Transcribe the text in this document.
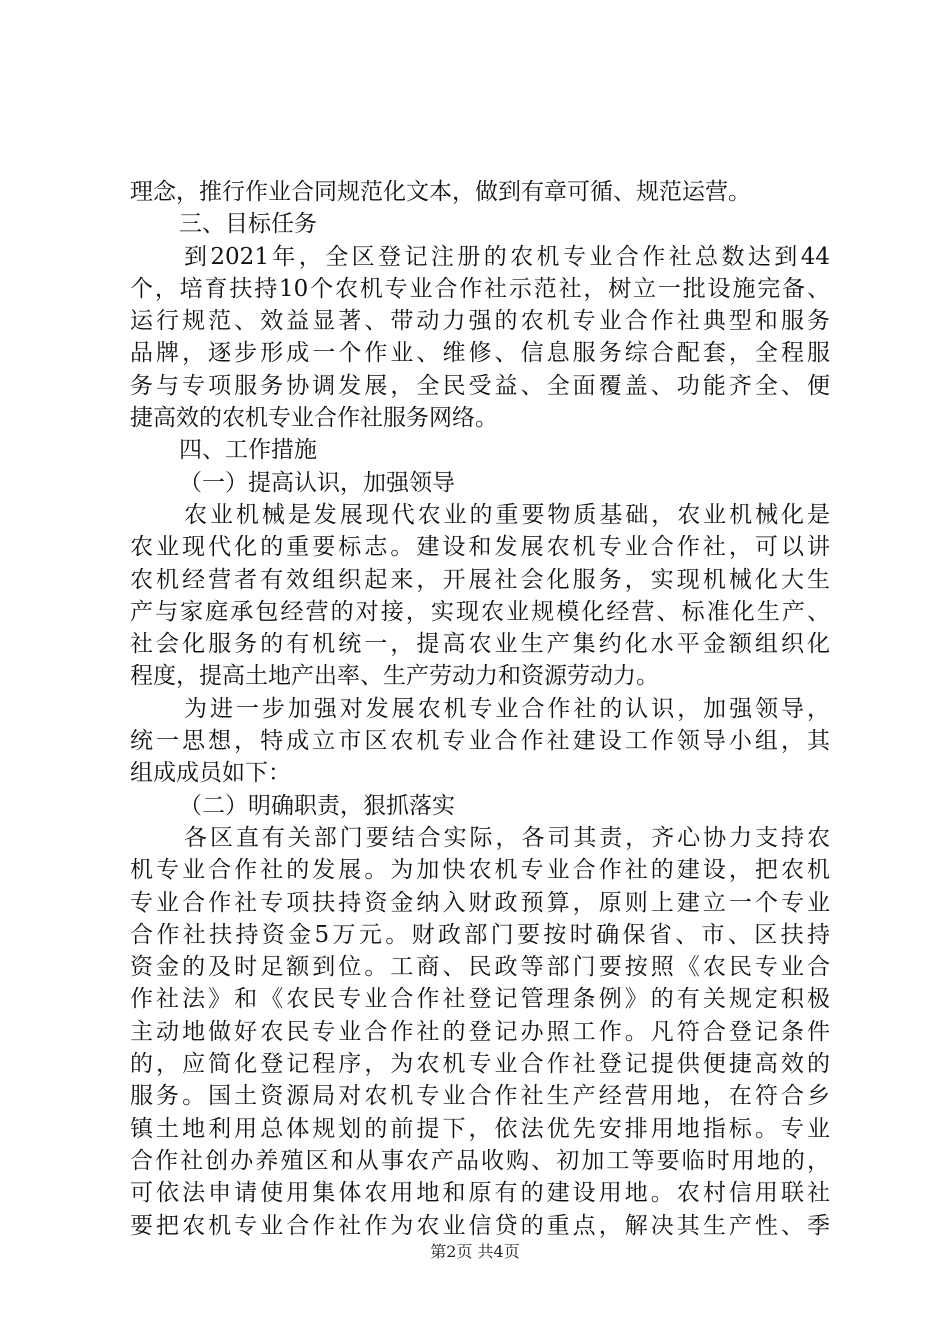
理念，推行作业合同规范化文本，做到有章可循、规范运营。
三、目标任务
到2021年，全区登记注册的农机专业合作社总数达到44
个，培育扶持10个农机专业合作社示范社，树立一批设施完备、
运行规范、效益显著、带动力强的农机专业合作社典型和服务
品牌，逐步形成一个作业、维修、信息服务综合配套，全程服
务与专项服务协调发展，全民受益、全面覆盖、功能齐全、便
捷高效的农机专业合作社服务网络。
四、工作措施
（一）提高认识，加强领导
农业机械是发展现代农业的重要物质基础，农业机械化是
农业现代化的重要标志。建设和发展农机专业合作社，可以讲
农机经营者有效组织起来，开展社会化服务，实现机械化大生
产与家庭承包经营的对接，实现农业规模化经营、标准化生产、
社会化服务的有机统一，提高农业生产集约化水平金额组织化
程度，提高土地产出率、生产劳动力和资源劳动力。
为进一步加强对发展农机专业合作社的认识，加强领导，
统一思想，特成立市区农机专业合作社建设工作领导小组，其
组成成员如下：
（二）明确职责，狠抓落实
各区直有关部门要结合实际，各司其责，齐心协力支持农
机专业合作社的发展。为加快农机专业合作社的建设，把农机
专业合作社专项扶持资金纳入财政预算，原则上建立一个专业
合作社扶持资金5万元。财政部门要按时确保省、市、区扶持
资金的及时足额到位。工商、民政等部门要按照《农民专业合
作社法》和《农民专业合作社登记管理条例》的有关规定积极
主动地做好农民专业合作社的登记办照工作。凡符合登记条件
的，应简化登记程序，为农机专业合作社登记提供便捷高效的
服务。国土资源局对农机专业合作社生产经营用地，在符合乡
镇土地利用总体规划的前提下，依法优先安排用地指标。专业
合作社创办养殖区和从事农产品收购、初加工等要临时用地的，
可依法申请使用集体农用地和原有的建设用地。农村信用联社
要把农机专业合作社作为农业信贷的重点，解决其生产性、季
第2页 共4页
